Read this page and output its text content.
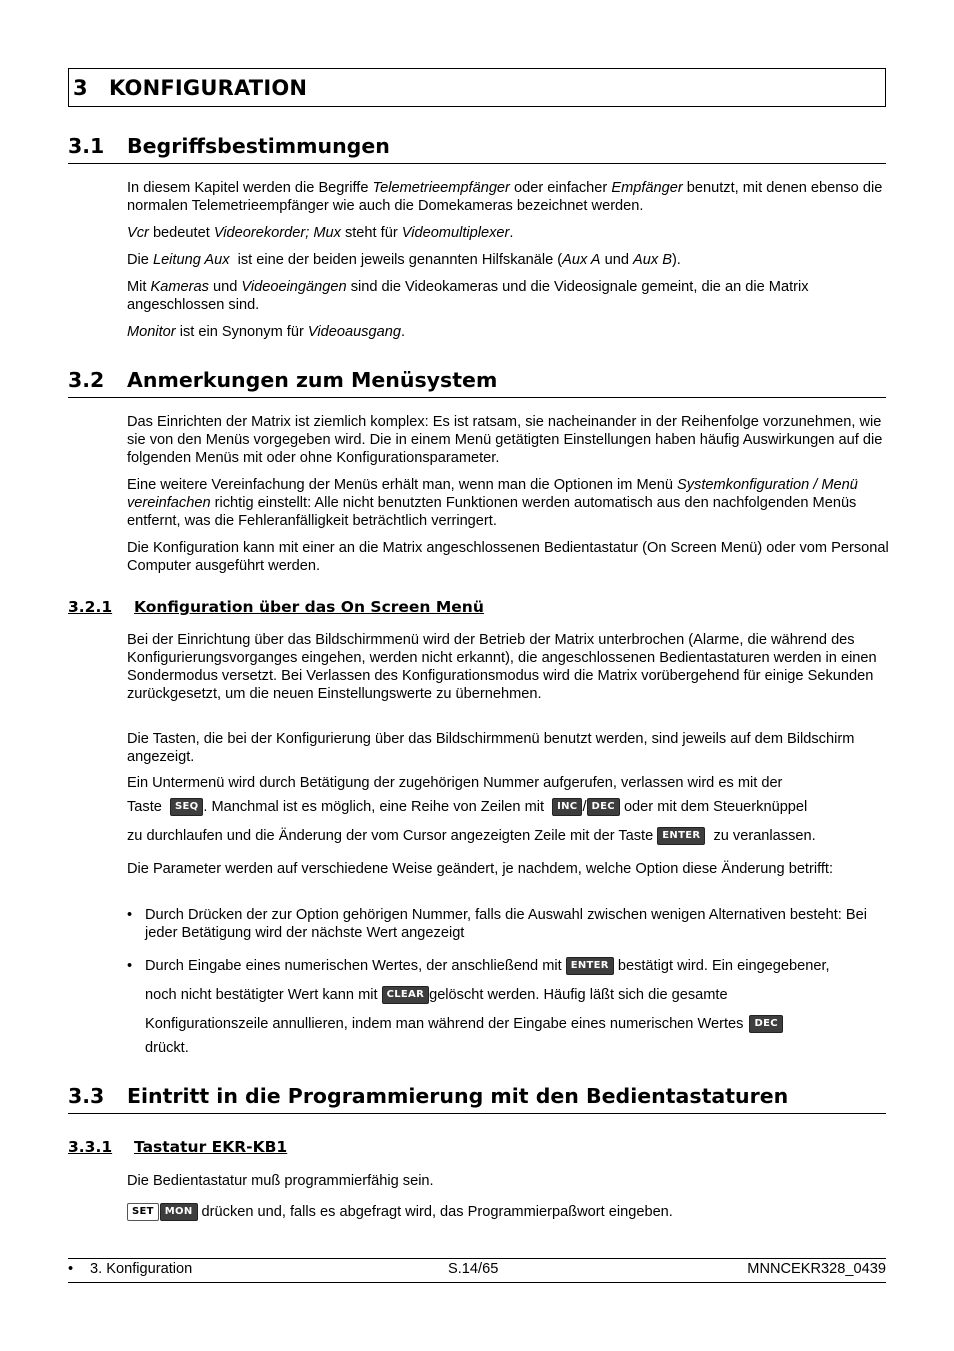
3	KONFIGURATION
3.1	Begriffsbestimmungen

In diesem Kapitel werden die Begriffe Telemetrieempfänger oder einfacher Empfänger benutzt, mit denen ebenso die normalen Telemetrieempfänger wie auch die Domekameras bezeichnet werden.

Vcr bedeutet Videorekorder; Mux steht für Videomultiplexer.

Die Leitung Aux  ist eine der beiden jeweils genannten Hilfskanäle (Aux A und Aux B).

Mit Kameras und Videoeingängen sind die Videokameras und die Videosignale gemeint, die an die Matrix angeschlossen sind.

Monitor ist ein Synonym für Videoausgang.

3.2	Anmerkungen zum Menüsystem

Das Einrichten der Matrix ist ziemlich komplex: Es ist ratsam, sie nacheinander in der Reihenfolge vorzunehmen, wie sie von den Menüs vorgegeben wird. Die in einem Menü getätigten Einstellungen haben häufig Auswirkungen auf die folgenden Menüs mit oder ohne Konfigurationsparameter.

Eine weitere Vereinfachung der Menüs erhält man, wenn man die Optionen im Menü Systemkonfiguration / Menü vereinfachen richtig einstellt: Alle nicht benutzten Funktionen werden automatisch aus den nachfolgenden Menüs entfernt, was die Fehleranfälligkeit beträchtlich verringert.

Die Konfiguration kann mit einer an die Matrix angeschlossenen Bedientastatur (On Screen Menü) oder vom Personal Computer ausgeführt werden.

3.2.1	Konfiguration über das On Screen Menü

Bei der Einrichtung über das Bildschirmmenü wird der Betrieb der Matrix unterbrochen (Alarme, die während des Konfigurierungsvorganges eingehen, werden nicht erkannt), die angeschlossenen Bedientastaturen werden in einen Sondermodus versetzt. Bei Verlassen des Konfigurationsmodus wird die Matrix vorübergehend für einige Sekunden zurückgesetzt, um die neuen Einstellungswerte zu übernehmen.

Die Tasten, die bei der Konfigurierung über das Bildschirmmenü benutzt werden, sind jeweils auf dem Bildschirm angezeigt.

Ein Untermenü wird durch Betätigung der zugehörigen Nummer aufgerufen, verlassen wird es mit der
Taste SEQ . Manchmal ist es möglich, eine Reihe von Zeilen mit INC / DEC oder mit dem Steuerknüppel
zu durchlaufen und die Änderung der vom Cursor angezeigten Zeile mit der Taste ENTER  zu veranlassen.

Die Parameter werden auf verschiedene Weise geändert, je nachdem, welche Option diese Änderung betrifft:

• Durch Drücken der zur Option gehörigen Nummer, falls die Auswahl zwischen wenigen Alternativen besteht: Bei jeder Betätigung wird der nächste Wert angezeigt
• Durch Eingabe eines numerischen Wertes, der anschließend mit ENTER bestätigt wird. Ein eingegebener,
noch nicht bestätigter Wert kann mit CLEAR gelöscht werden. Häufig läßt sich die gesamte
Konfigurationszeile annullieren, indem man während der Eingabe eines numerischen Wertes DEC
drückt.
3.3	Eintritt in die Programmierung mit den Bedientastaturen
3.3.1	Tastatur EKR-KB1

Die Bedientastatur muß programmierfähig sein.

SET MON drücken und, falls es abgefragt wird, das Programmierpaßwort eingeben.
• 3. Konfiguration	S.14/65	MNNCEKR328_0439
